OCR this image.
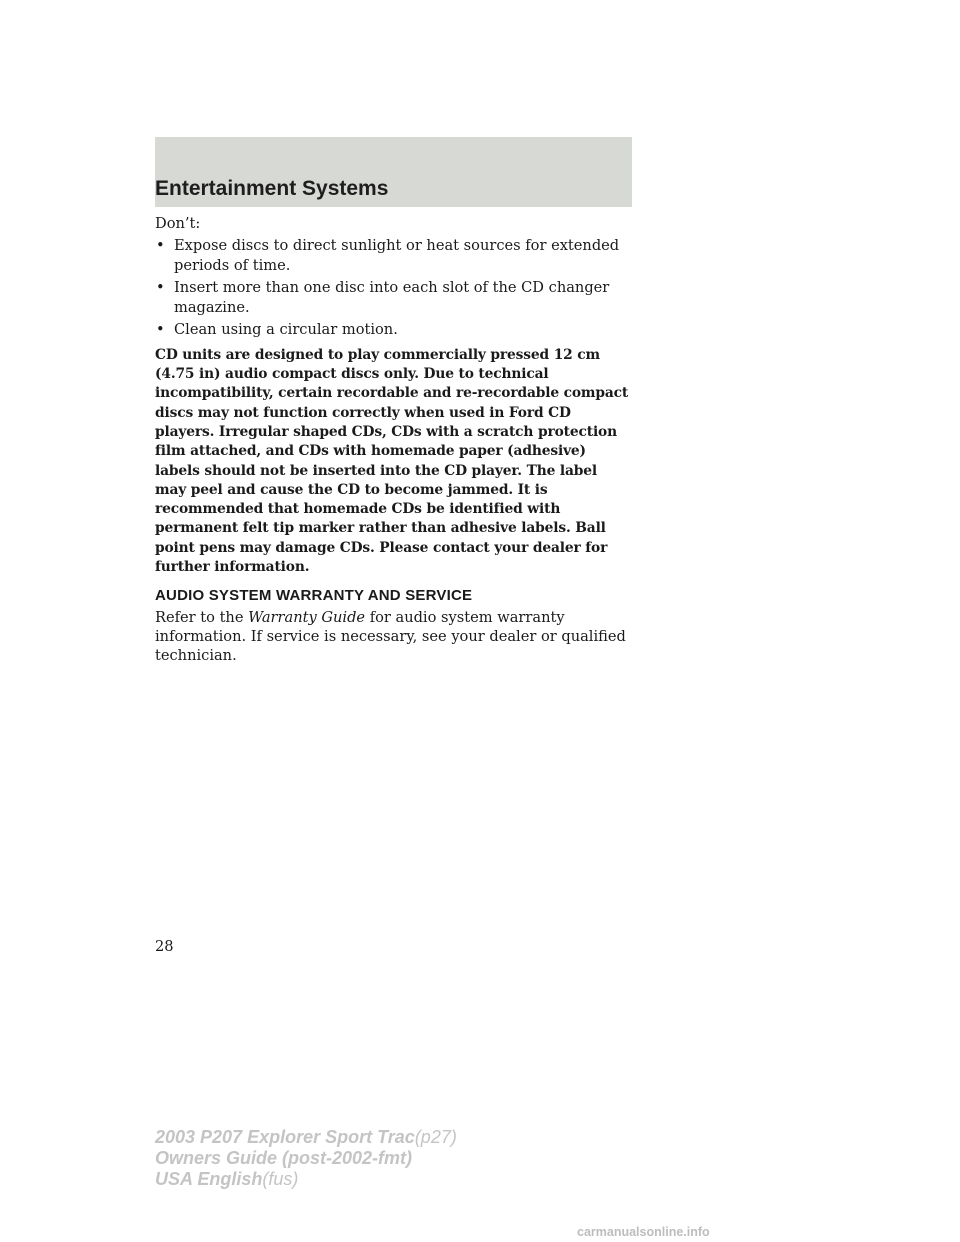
Entertainment Systems

Don’t:

• Expose discs to direct sunlight or heat sources for extended periods of time.
• Insert more than one disc into each slot of the CD changer magazine.
• Clean using a circular motion.

CD units are designed to play commercially pressed 12 cm (4.75 in) audio compact discs only. Due to technical incompatibility, certain recordable and re-recordable compact discs may not function correctly when used in Ford CD players. Irregular shaped CDs, CDs with a scratch protection film attached, and CDs with homemade paper (adhesive) labels should not be inserted into the CD player. The label may peel and cause the CD to become jammed. It is recommended that homemade CDs be identified with permanent felt tip marker rather than adhesive labels. Ball point pens may damage CDs. Please contact your dealer for further information.

AUDIO SYSTEM WARRANTY AND SERVICE

Refer to the Warranty Guide for audio system warranty information. If service is necessary, see your dealer or qualified technician.

28
2003 P207 Explorer Sport Trac(p27)
Owners Guide (post-2002-fmt)
USA English(fus)
carmanualsonline.info
